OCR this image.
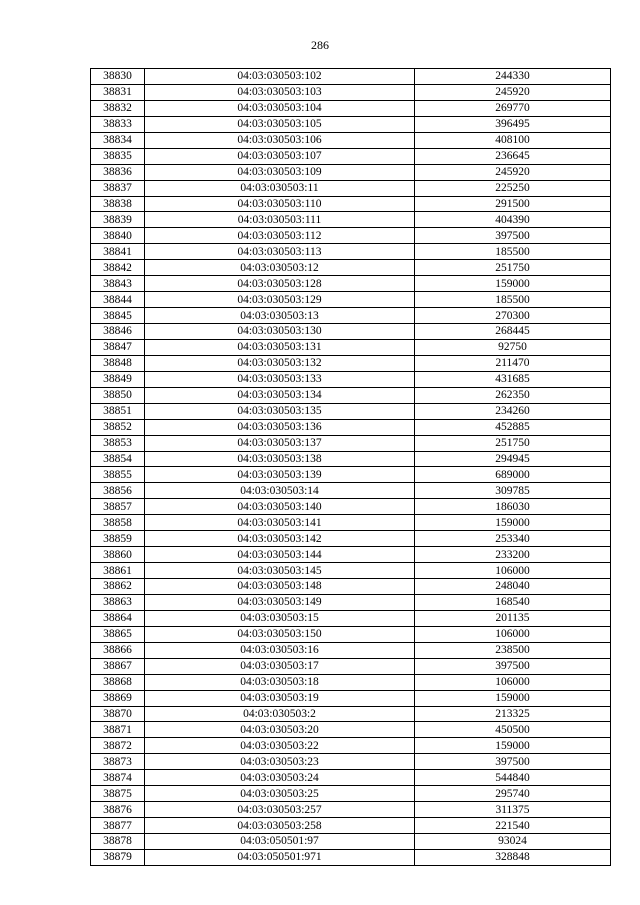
286
38830	04:03:030503:102	244330
38831	04:03:030503:103	245920
38832	04:03:030503:104	269770
38833	04:03:030503:105	396495
38834	04:03:030503:106	408100
38835	04:03:030503:107	236645
38836	04:03:030503:109	245920
38837	04:03:030503:11	225250
38838	04:03:030503:110	291500
38839	04:03:030503:111	404390
38840	04:03:030503:112	397500
38841	04:03:030503:113	185500
38842	04:03:030503:12	251750
38843	04:03:030503:128	159000
38844	04:03:030503:129	185500
38845	04:03:030503:13	270300
38846	04:03:030503:130	268445
38847	04:03:030503:131	92750
38848	04:03:030503:132	211470
38849	04:03:030503:133	431685
38850	04:03:030503:134	262350
38851	04:03:030503:135	234260
38852	04:03:030503:136	452885
38853	04:03:030503:137	251750
38854	04:03:030503:138	294945
38855	04:03:030503:139	689000
38856	04:03:030503:14	309785
38857	04:03:030503:140	186030
38858	04:03:030503:141	159000
38859	04:03:030503:142	253340
38860	04:03:030503:144	233200
38861	04:03:030503:145	106000
38862	04:03:030503:148	248040
38863	04:03:030503:149	168540
38864	04:03:030503:15	201135
38865	04:03:030503:150	106000
38866	04:03:030503:16	238500
38867	04:03:030503:17	397500
38868	04:03:030503:18	106000
38869	04:03:030503:19	159000
38870	04:03:030503:2	213325
38871	04:03:030503:20	450500
38872	04:03:030503:22	159000
38873	04:03:030503:23	397500
38874	04:03:030503:24	544840
38875	04:03:030503:25	295740
38876	04:03:030503:257	311375
38877	04:03:030503:258	221540
38878	04:03:050501:97	93024
38879	04:03:050501:971	328848
